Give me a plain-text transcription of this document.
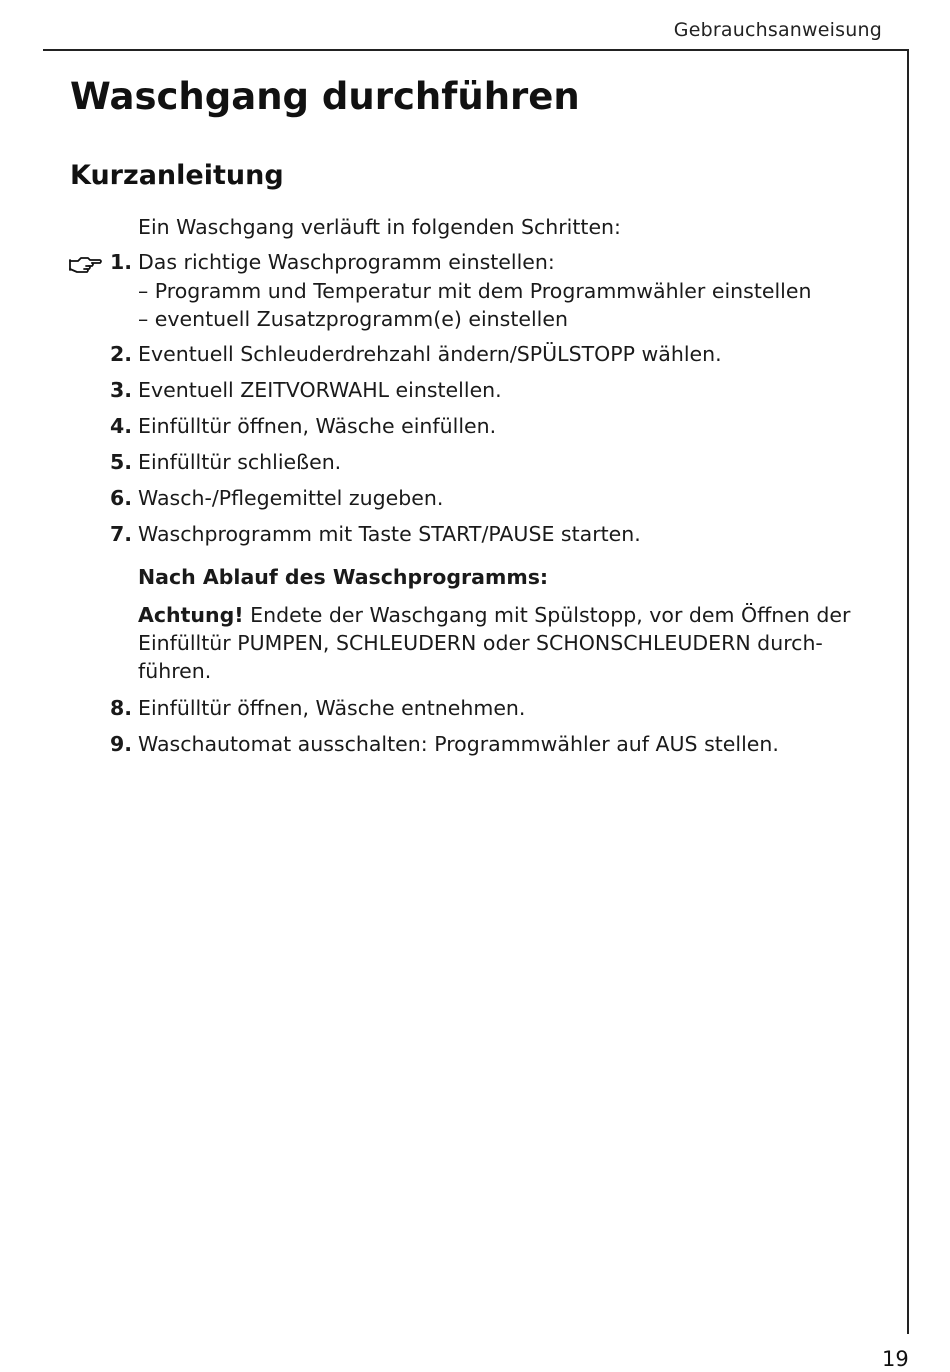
Gebrauchsanweisung
Waschgang durchführen
Kurzanleitung
Ein Waschgang verläuft in folgenden Schritten:
1. Das richtige Waschprogramm einstellen:
– Programm und Temperatur mit dem Programmwähler einstellen
– eventuell Zusatzprogramm(e) einstellen
2. Eventuell Schleuderdrehzahl ändern/SPÜLSTOPP wählen.
3. Eventuell ZEITVORWAHL einstellen.
4. Einfülltür öffnen, Wäsche einfüllen.
5. Einfülltür schließen.
6. Wasch-/Pflegemittel zugeben.
7. Waschprogramm mit Taste START/PAUSE starten.
Nach Ablauf des Waschprogramms:
Achtung! Endete der Waschgang mit Spülstopp, vor dem Öffnen der
Einfülltür PUMPEN, SCHLEUDERN oder SCHONSCHLEUDERN durch-
führen.
8. Einfülltür öffnen, Wäsche entnehmen.
9. Waschautomat ausschalten: Programmwähler auf AUS stellen.
19
